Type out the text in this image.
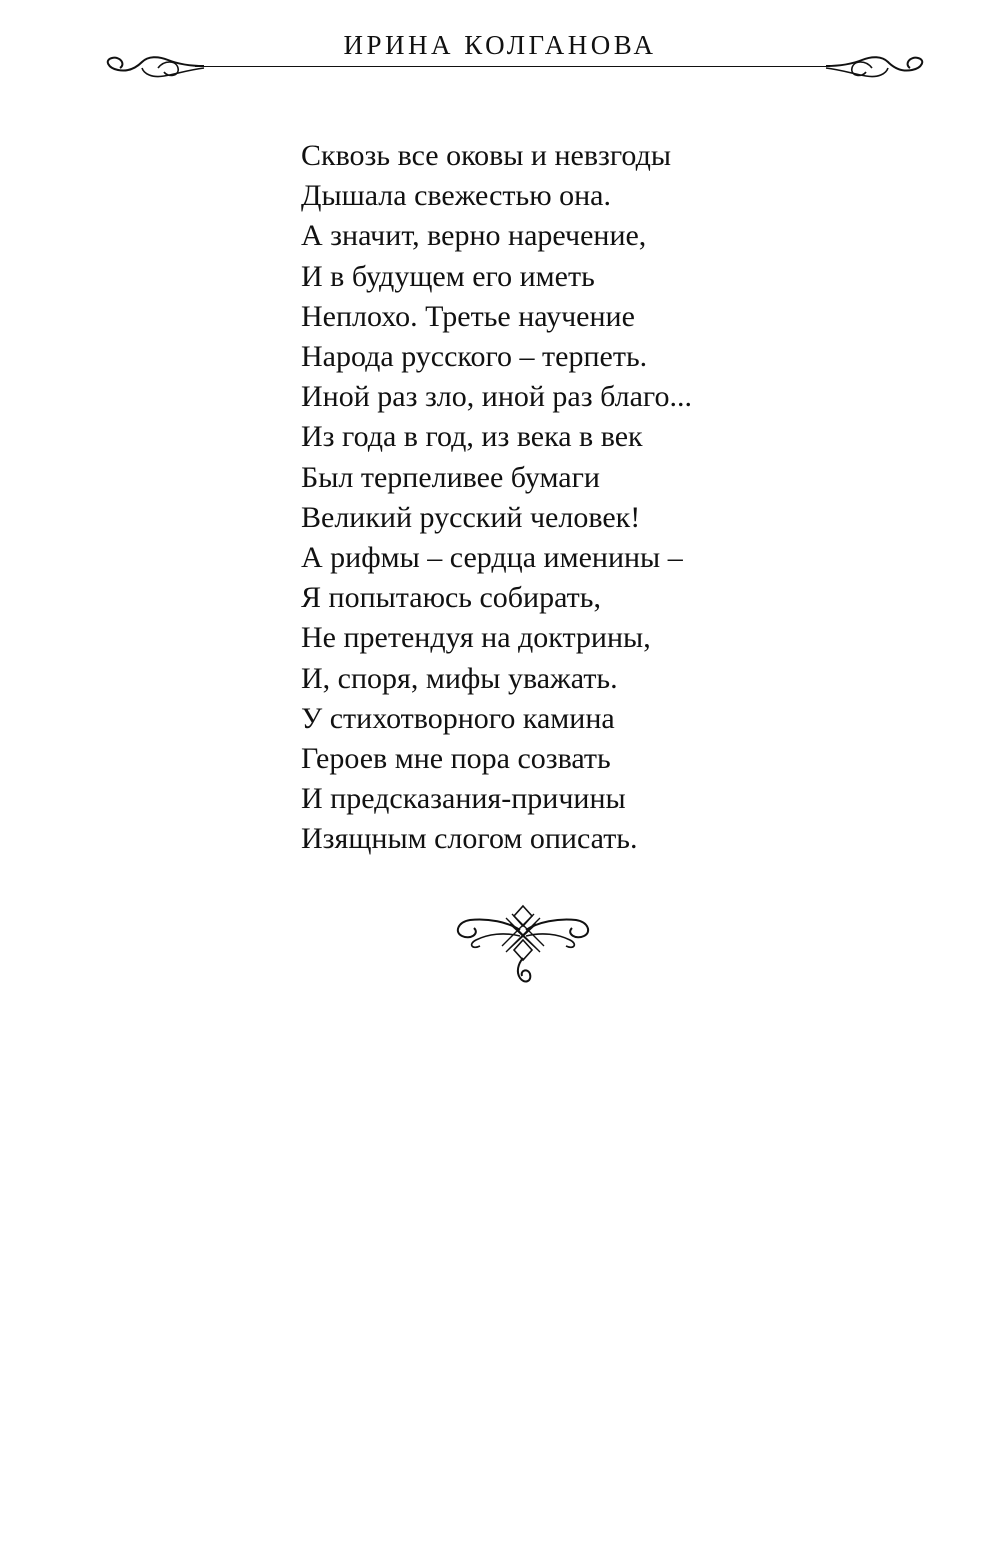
ИРИНА КОЛГАНОВА
Сквозь все оковы и невзгоды
Дышала свежестью она.
А значит, верно наречение,
И в будущем его иметь
Неплохо. Третье научение
Народа русского – терпеть.
Иной раз зло, иной раз благо...
Из года в год, из века в век
Был терпеливее бумаги
Великий русский человек!
А рифмы – сердца именины –
Я попытаюсь собирать,
Не претендуя на доктрины,
И, споря, мифы уважать.
У стихотворного камина
Героев мне пора созвать
И предсказания-причины
Изящным слогом описать.
